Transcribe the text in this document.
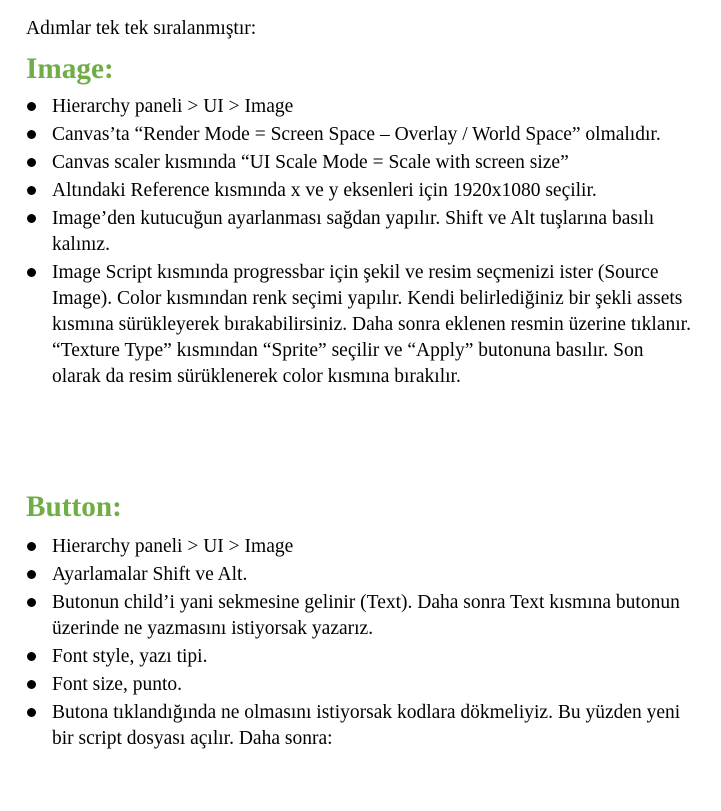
Adımlar tek tek sıralanmıştır:

Image:
Hierarchy paneli > UI > Image
Canvas’ta “Render Mode = Screen Space – Overlay / World Space” olmalıdır.
Canvas scaler kısmında “UI Scale Mode = Scale with screen size”
Altındaki Reference kısmında x ve y eksenleri için 1920x1080 seçilir.
Image’den kutucuğun ayarlanması sağdan yapılır. Shift ve Alt tuşlarına basılı kalınız.
Image Script kısmında progressbar için şekil ve resim seçmenizi ister (Source Image). Color kısmından renk seçimi yapılır. Kendi belirlediğiniz bir şekli assets kısmına sürükleyerek bırakabilirsiniz. Daha sonra eklenen resmin üzerine tıklanır. “Texture Type” kısmından “Sprite” seçilir ve “Apply” butonuna basılır. Son olarak da resim sürüklenerek color kısmına bırakılır.
Button:
Hierarchy paneli > UI > Image
Ayarlamalar Shift ve Alt.
Butonun child’i yani sekmesine gelinir (Text). Daha sonra Text kısmına butonun üzerinde ne yazmasını istiyorsak yazarız.
Font style, yazı tipi.
Font size, punto.
Butona tıklandığında ne olmasını istiyorsak kodlara dökmeliyiz. Bu yüzden yeni bir script dosyası açılır. Daha sonra:
